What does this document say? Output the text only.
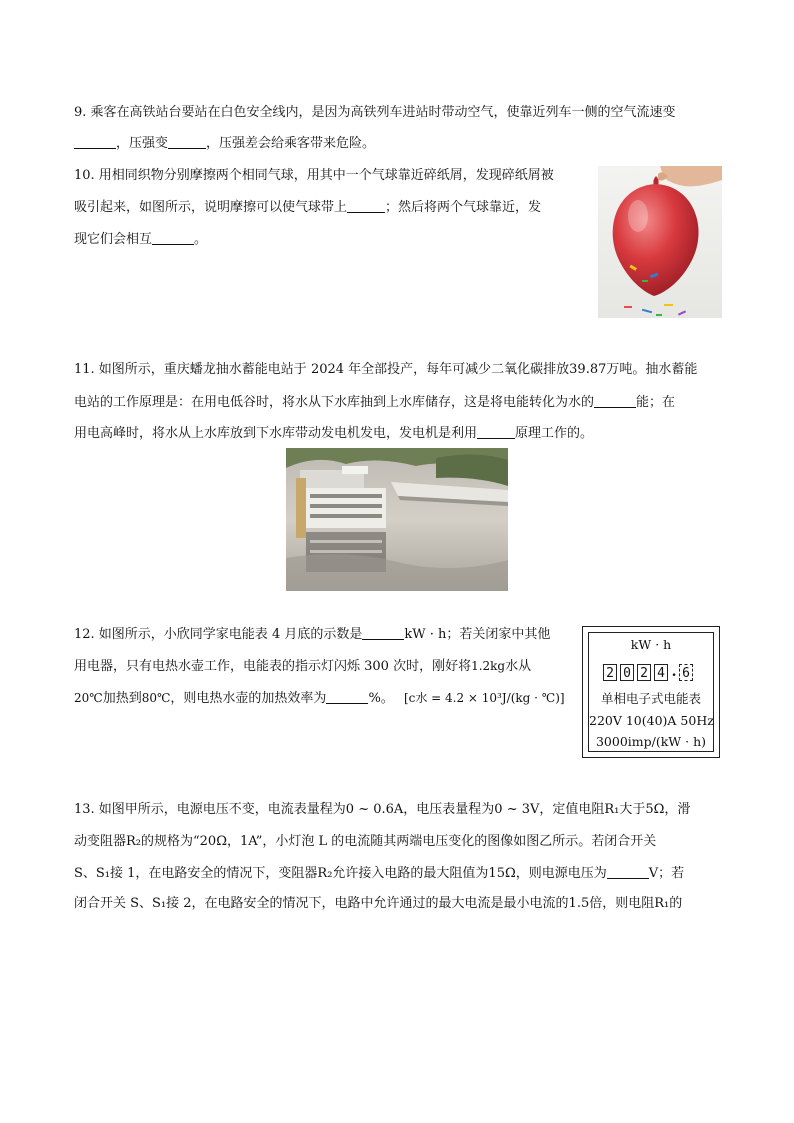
9. 乘客在高铁站台要站在白色安全线内，是因为高铁列车进站时带动空气，使靠近列车一侧的空气流速变
，压强变	，压强差会给乘客带来危险。
10. 用相同织物分别摩擦两个相同气球，用其中一个气球靠近碎纸屑，发现碎纸屑被
吸引起来，如图所示，说明摩擦可以使气球带上	；然后将两个气球靠近，发
现它们会相互	。
11. 如图所示，重庆蟠龙抽水蓄能电站于 2024 年全部投产，每年可减少二氧化碳排放39.87万吨。抽水蓄能
电站的工作原理是：在用电低谷时，将水从下水库抽到上水库储存，这是将电能转化为水的	能；在
用电高峰时，将水从上水库放到下水库带动发电机发电，发电机是利用	原理工作的。
12. 如图所示，小欣同学家电能表 4 月底的示数是	kW · h；若关闭家中其他
用电器，只有电热水壶工作，电能表的指示灯闪烁 300 次时，刚好将1.2kg水从
20℃加热到80℃，则电热水壶的加热效率为	%。 [c水 = 4.2 × 10³J/(kg · ℃)]
kW · h
2 0 2 4 . 6
单相电子式电能表
220V 10(40)A 50Hz
3000imp/(kW · h)
13. 如图甲所示，电源电压不变，电流表量程为0 ~ 0.6A，电压表量程为0 ~ 3V，定值电阻R₁大于5Ω，滑
动变阻器R₂的规格为“20Ω，1A”，小灯泡 L 的电流随其两端电压变化的图像如图乙所示。若闭合开关
S、S₁接 1，在电路安全的情况下，变阻器R₂允许接入电路的最大阻值为15Ω，则电源电压为	V；若
闭合开关 S、S₁接 2，在电路安全的情况下，电路中允许通过的最大电流是最小电流的1.5倍，则电阻R₁的
